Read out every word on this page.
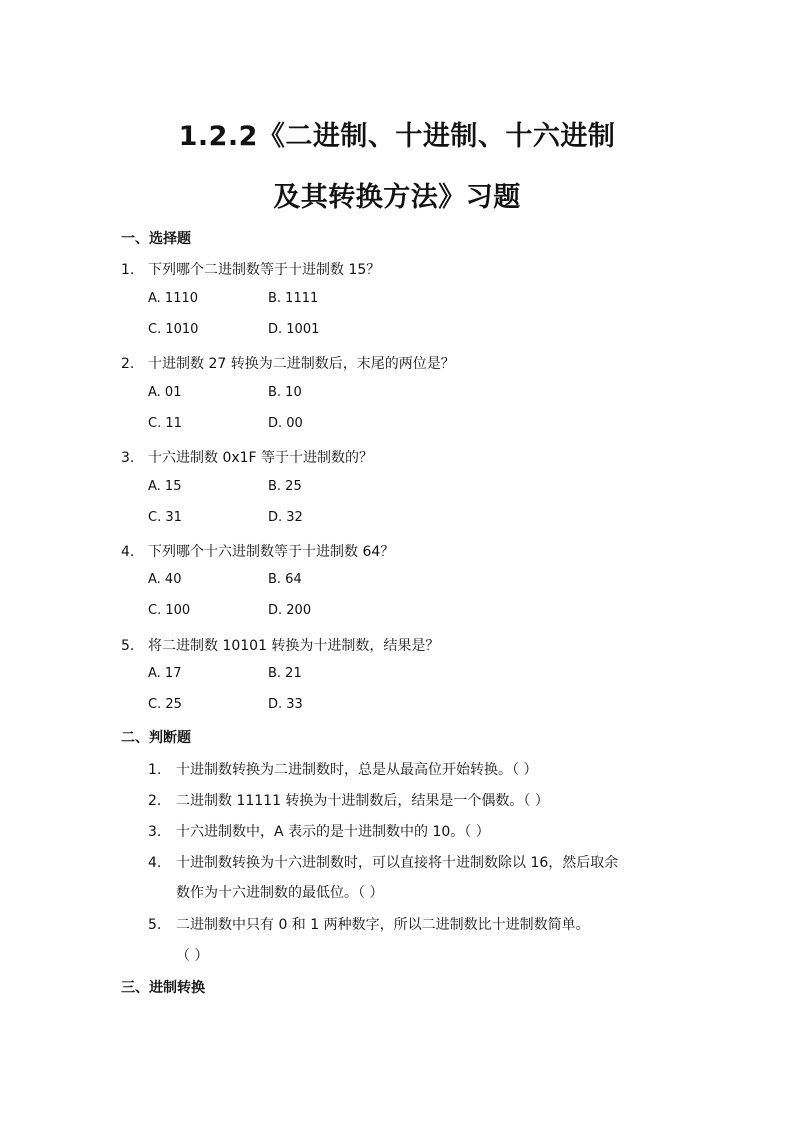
1.2.2《二进制、十进制、十六进制
及其转换方法》习题
一、选择题
1. 下列哪个二进制数等于十进制数 15？
A. 1110	B. 1111
C. 1010	D. 1001
2. 十进制数 27 转换为二进制数后，末尾的两位是？
A. 01	B. 10
C. 11	D. 00
3. 十六进制数 0x1F 等于十进制数的？
A. 15	B. 25
C. 31	D. 32
4. 下列哪个十六进制数等于十进制数 64？
A. 40	B. 64
C. 100	D. 200
5. 将二进制数 10101 转换为十进制数，结果是？
A. 17	B. 21
C. 25	D. 33
二、判断题
1. 十进制数转换为二进制数时，总是从最高位开始转换。（ ）
2. 二进制数 11111 转换为十进制数后，结果是一个偶数。（ ）
3. 十六进制数中，A 表示的是十进制数中的 10。（ ）
4. 十进制数转换为十六进制数时，可以直接将十进制数除以 16，然后取余
数作为十六进制数的最低位。（ ）
5. 二进制数中只有 0 和 1 两种数字，所以二进制数比十进制数简单。
（ ）
三、进制转换
